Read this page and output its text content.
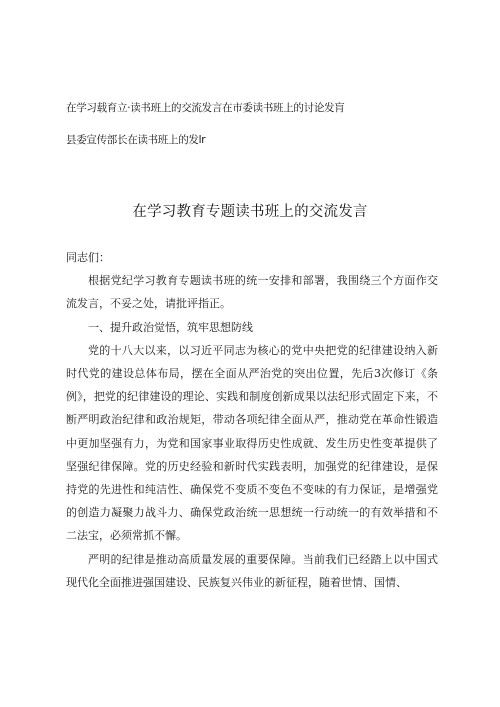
在学习载育立·读书班上的交流发言在市委读书班上的讨论发肓
县委宣传部长在读书班上的发lr
在学习教育专题读书班上的交流发言

同志们：

根据党纪学习教育专题读书班的统一安排和部署，我围绕三个方面作交流发言，不妥之处，请批评指正。

一、提升政治觉悟，筑牢思想防线

党的十八大以来，以习近平同志为核心的党中央把党的纪律建设纳入新时代党的建设总体布局，摆在全面从严治党的突出位置，先后3次修订《条例》，把党的纪律建设的理论、实践和制度创新成果以法纪形式固定下来，不断严明政治纪律和政治规矩，带动各项纪律全面从严，推动党在革命性锻造中更加坚强有力，为党和国家事业取得历史性成就、发生历史性变革提供了坚强纪律保障。党的历史经验和新时代实践表明，加强党的纪律建设，是保持党的先进性和纯洁性、确保党不变质不变色不变味的有力保证，是增强党的创造力凝聚力战斗力、确保党政治统一思想统一行动统一的有效举措和不二法宝，必须常抓不懈。

严明的纪律是推动高质量发展的重要保障。当前我们已经踏上以中国式现代化全面推进强国建设、民族复兴伟业的新征程，随着世情、国情、
